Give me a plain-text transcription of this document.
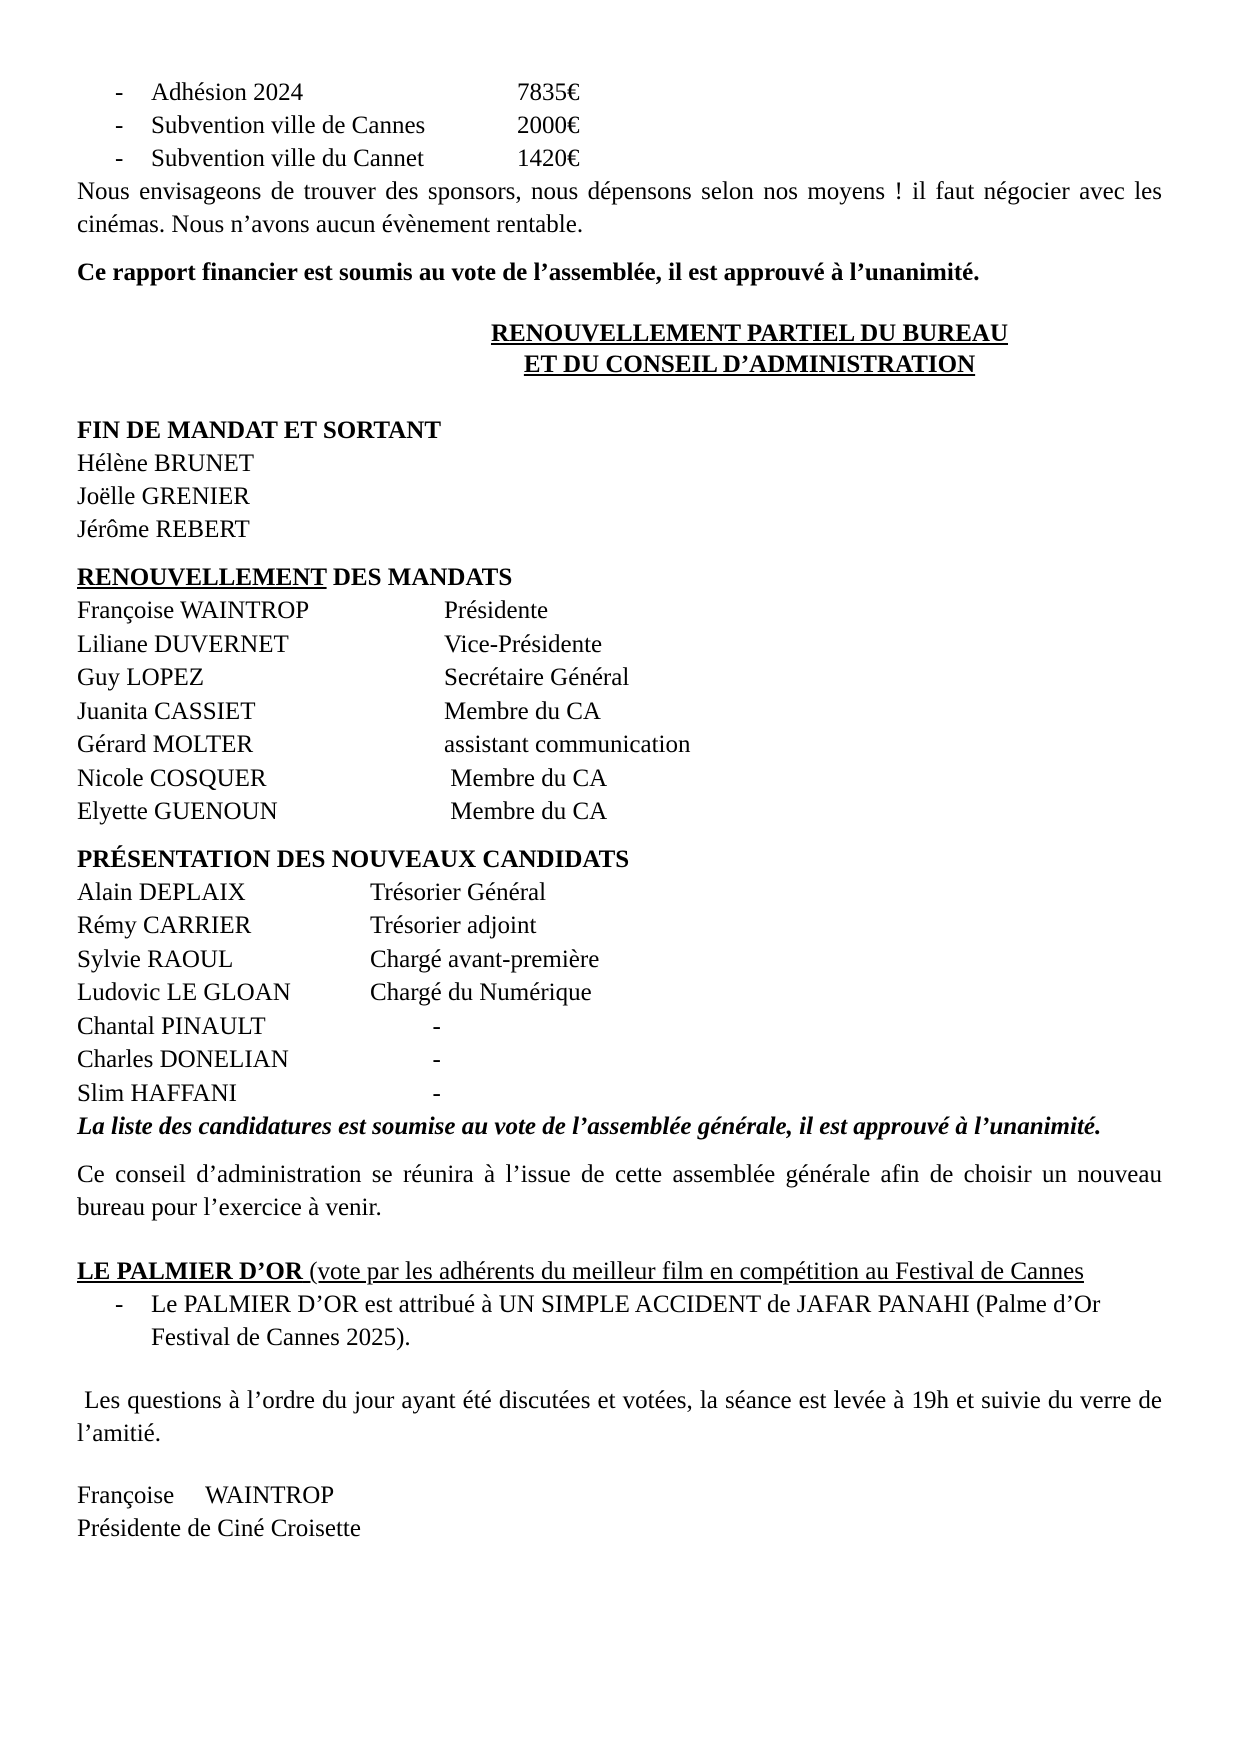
- Adhésion 2024	7835€
- Subvention ville de Cannes	2000€
- Subvention ville du Cannet	1420€

Nous envisageons de trouver des sponsors, nous dépensons selon nos moyens ! il faut négocier avec les cinémas. Nous n’avons aucun évènement rentable.

Ce rapport financier est soumis au vote de l’assemblée, il est approuvé à l’unanimité.

RENOUVELLEMENT PARTIEL DU BUREAU

ET DU CONSEIL D’ADMINISTRATION

FIN DE MANDAT ET SORTANT

Hélène BRUNET

Joëlle GRENIER

Jérôme REBERT

RENOUVELLEMENT DES MANDATS

Françoise WAINTROP	Présidente
Liliane DUVERNET	Vice-Présidente
Guy LOPEZ	Secrétaire Général
Juanita CASSIET	Membre du CA
Gérard MOLTER	assistant communication
Nicole COSQUER	Membre du CA
Elyette GUENOUN	Membre du CA

PRÉSENTATION DES NOUVEAUX CANDIDATS

Alain DEPLAIX	Trésorier Général
Rémy CARRIER	Trésorier adjoint
Sylvie RAOUL	Chargé avant-première
Ludovic LE GLOAN	Chargé du Numérique
Chantal PINAULT	-
Charles DONELIAN	-
Slim HAFFANI	-

La liste des candidatures est soumise au vote de l’assemblée générale, il est approuvé à l’unanimité.

Ce conseil d’administration se réunira à l’issue de cette assemblée générale afin de choisir un nouveau bureau pour l’exercice à venir.

LE PALMIER D’OR (vote par les adhérents du meilleur film en compétition au Festival de Cannes

- Le PALMIER D’OR est attribué à UN SIMPLE ACCIDENT de JAFAR PANAHI (Palme d’Or Festival de Cannes 2025).

Les questions à l’ordre du jour ayant été discutées et votées, la séance est levée à 19h et suivie du verre de l’amitié.

Françoise     WAINTROP

Présidente de Ciné Croisette
